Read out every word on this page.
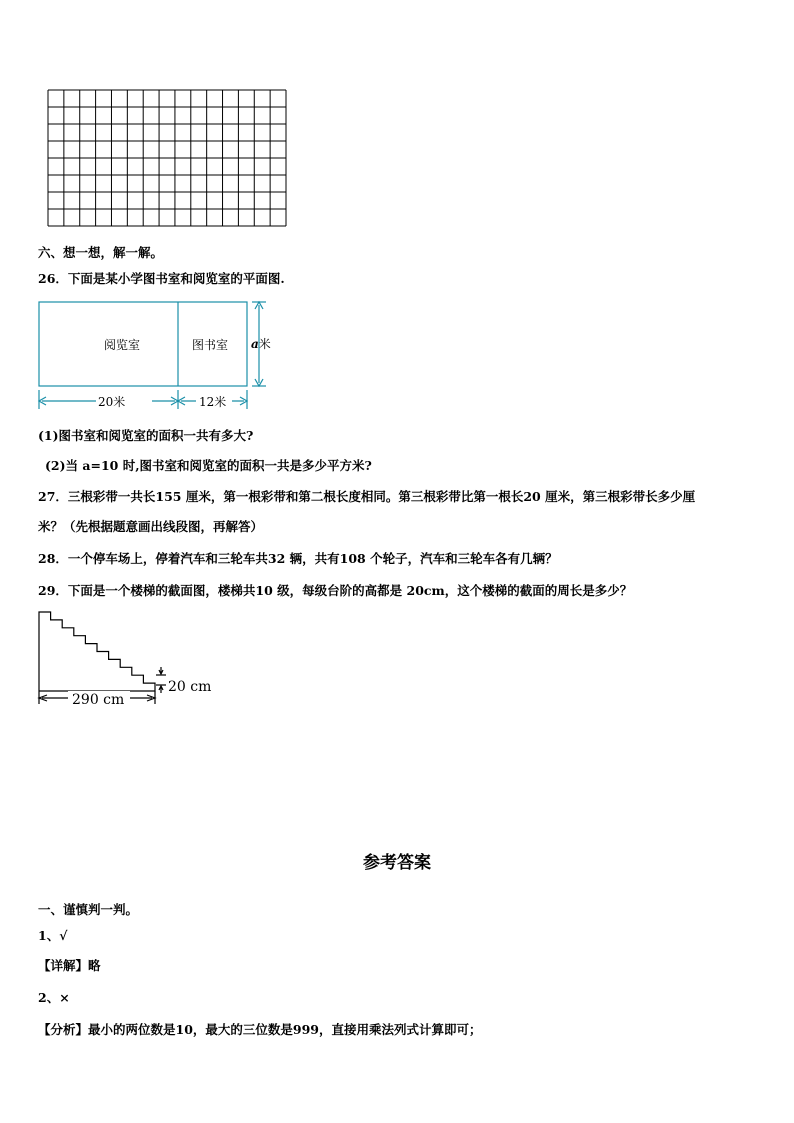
六、想一想，解一解。
26．下面是某小学图书室和阅览室的平面图.
阅览室	图书室 a米
20米	12米
(1)图书室和阅览室的面积一共有多大?
(2)当 a=10 时,图书室和阅览室的面积一共是多少平方米?
27．三根彩带一共长155 厘米，第一根彩带和第二根长度相同。第三根彩带比第一根长20 厘米，第三根彩带长多少厘
米？（先根据题意画出线段图，再解答）
28．一个停车场上，停着汽车和三轮车共32 辆，共有108 个轮子，汽车和三轮车各有几辆？
29．下面是一个楼梯的截面图，楼梯共10 级，每级台阶的高都是 20cm，这个楼梯的截面的周长是多少？
290 cm
20 cm
参考答案
一、谨慎判一判。
1、√
【详解】略
2、×
【分析】最小的两位数是10，最大的三位数是999，直接用乘法列式计算即可；
